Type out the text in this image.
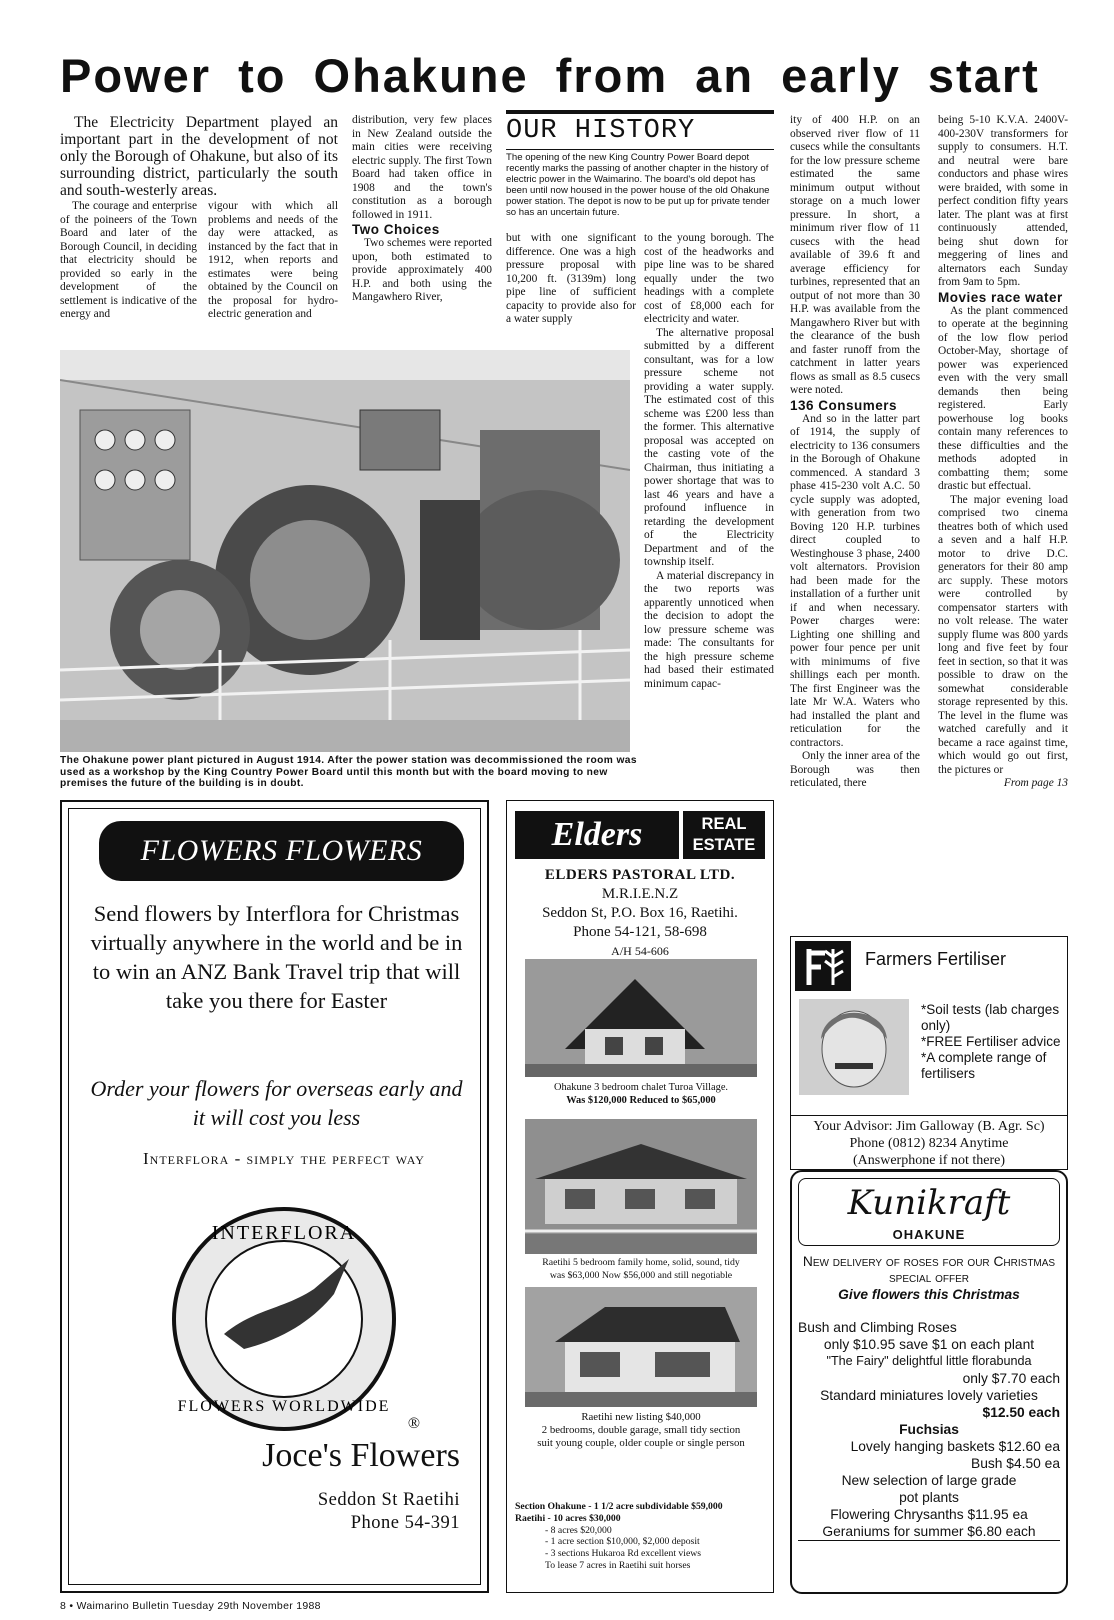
Power to Ohakune from an early start
The Electricity Department played an important part in the development of not only the Borough of Ohakune, but also of its surrounding district, particularly the south and south-westerly areas.

The courage and enterprise of the poineers of the Town Board and later of the Borough Council, in deciding that electricity should be provided so early in the development of the settlement is indicative of the energy and

vigour with which all problems and needs of the day were attacked, as instanced by the fact that in 1912, when reports and estimates were being obtained by the Council on the proposal for hydro-electric generation and

distribution, very few places in New Zealand outside the main cities were receiving electric supply. The first Town Board had taken office in 1908 and the town's constitution as a borough followed in 1911.

Two Choices

Two schemes were reported upon, both estimated to provide approximately 400 H.P. and both using the Mangawhero River,

OUR HISTORY
The opening of the new King Country Power Board depot recently marks the passing of another chapter in the history of electric power in the Waimarino. The board's old depot has been until now housed in the power house of the old Ohakune power station. The depot is now to be put up for private tender so has an uncertain future.

but with one significant difference. One was a high pressure proposal with 10,200 ft. (3139m) long pipe line of sufficient capacity to provide also for a water supply

to the young borough. The cost of the headworks and pipe line was to be shared equally under the two headings with a complete cost of £8,000 each for electricity and water.

The alternative proposal submitted by a different consultant, was for a low pressure scheme not providing a water supply. The estimated cost of this scheme was £200 less than the former. This alternative proposal was accepted on the casting vote of the Chairman, thus initiating a power shortage that was to last 46 years and have a profound influence in retarding the development of the Electricity Department and of the township itself.

A material discrepancy in the two reports was apparently unnoticed when the decision to adopt the low pressure scheme was made: The consultants for the high pressure scheme had based their estimated minimum capac-

ity of 400 H.P. on an observed river flow of 11 cusecs while the consultants for the low pressure scheme estimated the same minimum output without storage on a much lower pressure. In short, a minimum river flow of 11 cusecs with the head available of 39.6 ft and average efficiency for turbines, represented that an output of not more than 30 H.P. was available from the Mangawhero River but with the clearance of the bush and faster runoff from the catchment in latter years flows as small as 8.5 cusecs were noted.

136 Consumers

And so in the latter part of 1914, the supply of electricity to 136 consumers in the Borough of Ohakune commenced. A standard 3 phase 415-230 volt A.C. 50 cycle supply was adopted, with generation from two Boving 120 H.P. turbines direct coupled to Westinghouse 3 phase, 2400 volt alternators. Provision had been made for the installation of a further unit if and when necessary. Power charges were: Lighting one shilling and power four pence per unit with minimums of five shillings each per month. The first Engineer was the late Mr W.A. Waters who had installed the plant and reticulation for the contractors.

Only the inner area of the Borough was then reticulated, there

being 5-10 K.V.A. 2400V-400-230V transformers for supply to consumers. H.T. and neutral were bare conductors and phase wires were braided, with some in perfect condition fifty years later. The plant was at first continuously attended, being shut down for meggering of lines and alternators each Sunday from 9am to 5pm.

Movies race water

As the plant commenced to operate at the beginning of the low flow period October-May, shortage of power was experienced even with the very small demands then being registered. Early powerhouse log books contain many references to these difficulties and the methods adopted in combatting them; some drastic but effectual.

The major evening load comprised two cinema theatres both of which used a seven and a half H.P. motor to drive D.C. generators for their 80 amp arc supply. These motors were controlled by compensator starters with no volt release. The water supply flume was 800 yards long and five feet by four feet in section, so that it was possible to draw on the somewhat considerable storage represented by this. The level in the flume was watched carefully and it became a race against time, which would go out first, the pictures or

From page 13
The Ohakune power plant pictured in August 1914. After the power station was decommissioned the room was used as a workshop by the King Country Power Board until this month but with the board moving to new premises the future of the building is in doubt.
FLOWERS FLOWERS
Send flowers by Interflora for Christmas virtually anywhere in the world and be in to win an ANZ Bank Travel trip that will take you there for Easter
Order your flowers for overseas early and it will cost you less
Interflora - simply the perfect way
INTERFLORA
FLOWERS WORLDWIDE
®
Joce's Flowers
Seddon St Raetihi
Phone 54-391
Elders	REAL
ESTATE
ELDERS PASTORAL LTD.
M.R.I.E.N.Z
Seddon St, P.O. Box 16, Raetihi.
Phone 54-121, 58-698
A/H 54-606
Ohakune 3 bedroom chalet Turoa Village.
Was $120,000 Reduced to $65,000
Raetihi 5 bedroom family home, solid, sound, tidy
was $63,000 Now $56,000 and still negotiable
Raetihi new listing $40,000
2 bedrooms, double garage, small tidy section
suit young couple, older couple or single person
Section Ohakune - 1 1/2 acre subdividable $59,000
Raetihi - 10 acres $30,000
- 8 acres $20,000
- 1 acre section $10,000, $2,000 deposit
- 3 sections Hukaroa Rd excellent views
To lease 7 acres in Raetihi suit horses
Farmers Fertiliser
*Soil tests (lab charges only)
*FREE Fertiliser advice
*A complete range of fertilisers
Your Advisor: Jim Galloway (B. Agr. Sc)
Phone (0812) 8234 Anytime
(Answerphone if not there)
Kunikraft
OHAKUNE
New delivery of roses for our Christmas special offer
Give flowers this Christmas
Bush and Climbing Roses
only $10.95 save $1 on each plant
"The Fairy" delightful little florabunda
only $7.70 each
Standard miniatures lovely varieties
$12.50 each
Fuchsias
Lovely hanging baskets $12.60 ea
Bush $4.50 ea
New selection of large grade
pot plants
Flowering Chrysanths $11.95 ea
Geraniums for summer $6.80 each
8 • Waimarino Bulletin Tuesday 29th November 1988
